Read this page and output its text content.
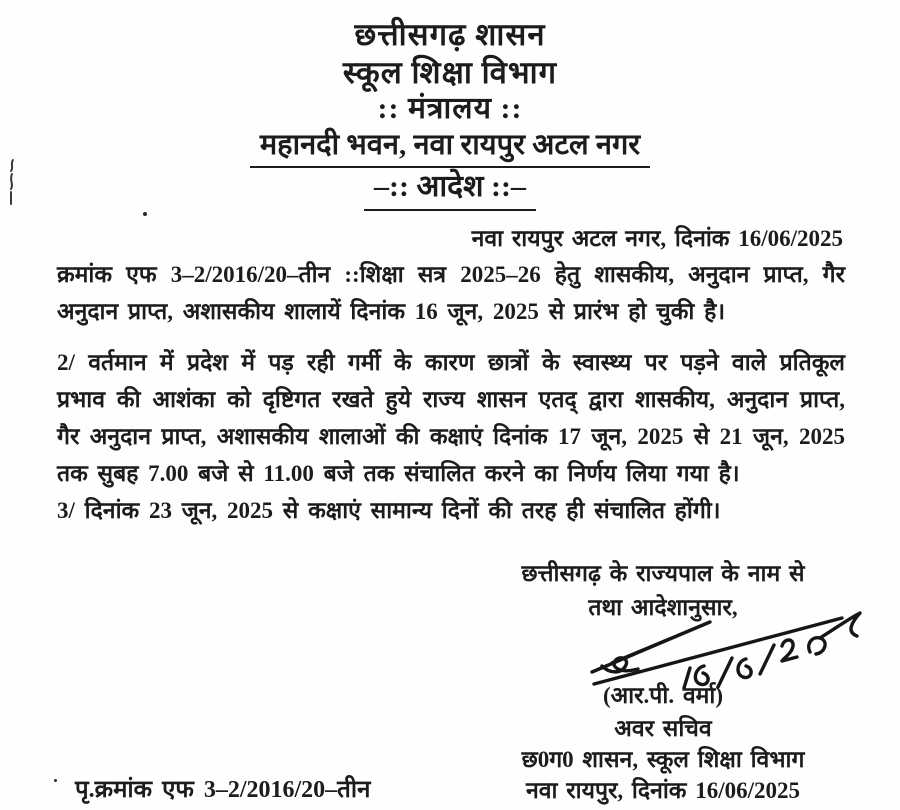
छत्तीसगढ़ शासन
स्कूल शिक्षा विभाग
:: मंत्रालय ::
महानदी भवन, नवा रायपुर अटल नगर
–:: आदेश ::–
नवा रायपुर अटल नगर, दिनांक 16/06/2025
क्रमांक एफ 3–2/2016/20–तीन ::शिक्षा सत्र 2025–26 हेतु शासकीय, अनुदान प्राप्त, गैर
अनुदान प्राप्त, अशासकीय शालायें दिनांक 16 जून, 2025 से प्रारंभ हो चुकी है।
2/ वर्तमान में प्रदेश में पड़ रही गर्मी के कारण छात्रों के स्वास्थ्य पर पड़ने वाले प्रतिकूल
प्रभाव की आशंका को दृष्टिगत रखते हुये राज्य शासन एतद् द्वारा शासकीय, अनुदान प्राप्त,
गैर अनुदान प्राप्त, अशासकीय शालाओं की कक्षाएं दिनांक 17 जून, 2025 से 21 जून, 2025
तक सुबह 7.00 बजे से 11.00 बजे तक संचालित करने का निर्णय लिया गया है।
3/ दिनांक 23 जून, 2025 से कक्षाएं सामान्य दिनों की तरह ही संचालित होंगी।
छत्तीसगढ़ के राज्यपाल के नाम से
तथा आदेशानुसार,
(आर.पी. वर्मा)
अवर सचिव
छ0ग0 शासन, स्कूल शिक्षा विभाग
नवा रायपुर, दिनांक 16/06/2025
पृ.क्रमांक एफ 3–2/2016/20–तीन
